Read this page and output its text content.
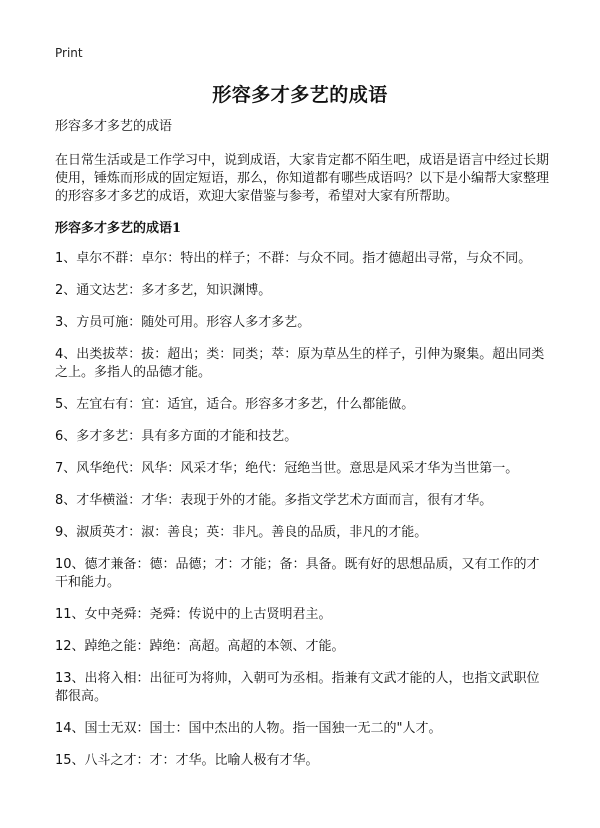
Print
形容多才多艺的成语

形容多才多艺的成语

在日常生活或是工作学习中，说到成语，大家肯定都不陌生吧，成语是语言中经过长期使用，锤炼而形成的固定短语，那么，你知道都有哪些成语吗？以下是小编帮大家整理的形容多才多艺的成语，欢迎大家借鉴与参考，希望对大家有所帮助。

形容多才多艺的成语1

1、卓尔不群：卓尔：特出的样子；不群：与众不同。指才德超出寻常，与众不同。

2、通文达艺：多才多艺，知识渊博。

3、方员可施：随处可用。形容人多才多艺。

4、出类拔萃：拔：超出；类：同类；萃：原为草丛生的样子，引伸为聚集。超出同类之上。多指人的品德才能。

5、左宜右有：宜：适宜，适合。形容多才多艺，什么都能做。

6、多才多艺：具有多方面的才能和技艺。

7、风华绝代：风华：风采才华；绝代：冠绝当世。意思是风采才华为当世第一。

8、才华横溢：才华：表现于外的才能。多指文学艺术方面而言，很有才华。

9、淑质英才：淑：善良；英：非凡。善良的品质，非凡的才能。

10、德才兼备：德：品德；才：才能；备：具备。既有好的思想品质，又有工作的才干和能力。

11、女中尧舜：尧舜：传说中的上古贤明君主。

12、踔绝之能：踔绝：高超。高超的本领、才能。

13、出将入相：出征可为将帅，入朝可为丞相。指兼有文武才能的人，也指文武职位都很高。

14、国士无双：国士：国中杰出的人物。指一国独一无二的"人才。

15、八斗之才：才：才华。比喻人极有才华。
